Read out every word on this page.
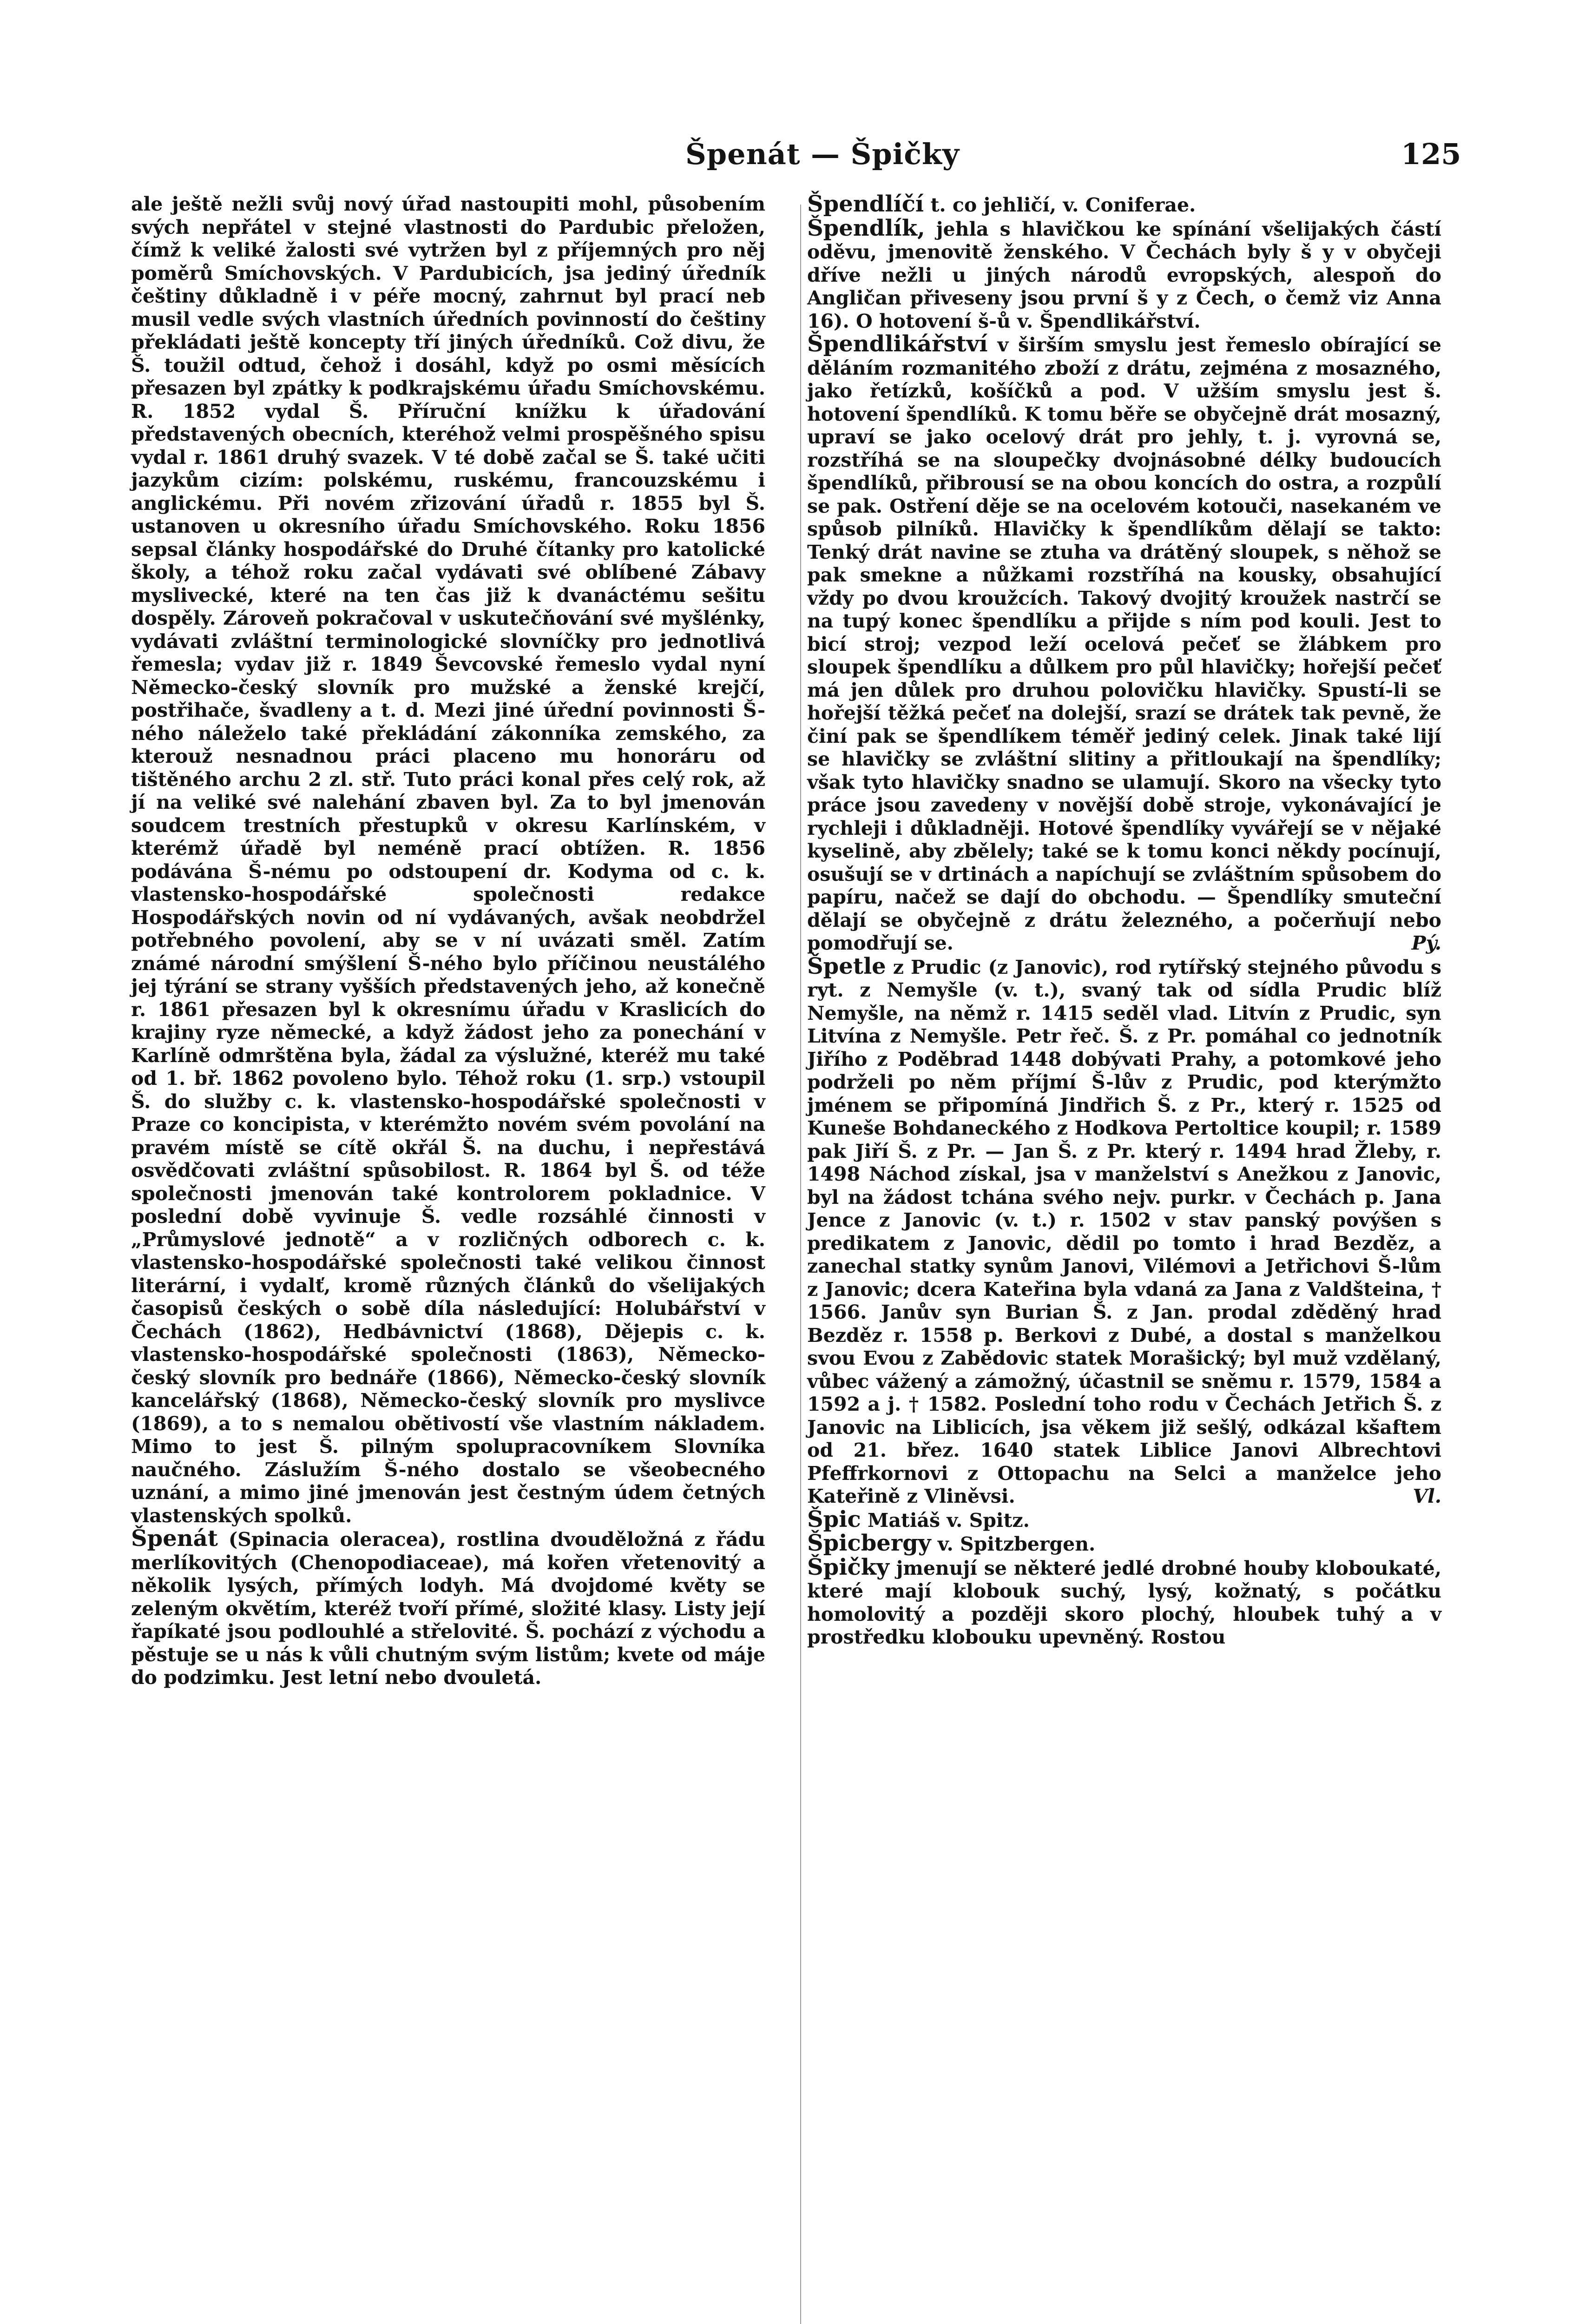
Špenát — Špičky	125

ale ještě nežli svůj nový úřad nastoupiti mohl, působením svých nepřátel v stejné vlastnosti do Pardubic přeložen, čímž k veliké žalosti své vytržen byl z příjemných pro něj poměrů Smíchovských. V Pardubicích, jsa jediný úředník češtiny důkladně i v péře mocný, zahrnut byl prací neb musil vedle svých vlastních úředních povinností do češtiny překládati ještě koncepty tří jiných úředníků. Což divu, že Š. toužil odtud, čehož i dosáhl, když po osmi měsících přesazen byl zpátky k podkrajskému úřadu Smíchovskému. R. 1852 vydal Š. Příruční knížku k úřadování představených obecních, kteréhož velmi prospěšného spisu vydal r. 1861 druhý svazek. V té době začal se Š. také učiti jazykům cizím: polskému, ruskému, francouzskému i anglickému. Při novém zřizování úřadů r. 1855 byl Š. ustanoven u okresního úřadu Smíchovského. Roku 1856 sepsal články hospodářské do Druhé čítanky pro katolické školy, a téhož roku začal vydávati své oblíbené Zábavy myslivecké, které na ten čas již k dvanáctému sešitu dospěly. Zároveň pokračoval v uskutečňování své myšlénky, vydávati zvláštní terminologické slovníčky pro jednotlivá řemesla; vydav již r. 1849 Ševcovské řemeslo vydal nyní Německo-český slovník pro mužské a ženské krejčí, postřihače, švadleny a t. d. Mezi jiné úřední povinnosti Š-ného náleželo také překládání zákonníka zemského, za kterouž nesnadnou práci placeno mu honoráru od tištěného archu 2 zl. stř. Tuto práci konal přes celý rok, až jí na veliké své nalehání zbaven byl. Za to byl jmenován soudcem trestních přestupků v okresu Karlínském, v kterémž úřadě byl neméně prací obtížen. R. 1856 podávána Š-nému po odstoupení dr. Kodyma od c. k. vlastensko-hospodářské společnosti redakce Hospodářských novin od ní vydávaných, avšak neobdržel potřebného povolení, aby se v ní uvázati směl. Zatím známé národní smýšlení Š-ného bylo příčinou neustálého jej týrání se strany vyšších představených jeho, až konečně r. 1861 přesazen byl k okresnímu úřadu v Kraslicích do krajiny ryze německé, a když žádost jeho za ponechání v Karlíně odmrštěna byla, žádal za výslužné, kteréž mu také od 1. bř. 1862 povoleno bylo. Téhož roku (1. srp.) vstoupil Š. do služby c. k. vlastensko-hospodářské společnosti v Praze co koncipista, v kterémžto novém svém povolání na pravém místě se cítě okřál Š. na duchu, i nepřestává osvědčovati zvláštní spůsobilost. R. 1864 byl Š. od téže společnosti jmenován také kontrolorem pokladnice. V poslední době vyvinuje Š. vedle rozsáhlé činnosti v „Průmyslové jednotě“ a v rozličných odborech c. k. vlastensko-hospodářské společnosti také velikou činnost literární, i vydalť, kromě různých článků do všelijakých časopisů českých o sobě díla následující: Holubářství v Čechách (1862), Hedbávnictví (1868), Dějepis c. k. vlastensko-hospodářské společnosti (1863), Německo-český slovník pro bednáře (1866), Německo-český slovník kancelářský (1868), Německo-český slovník pro myslivce (1869), a to s nemalou obětivostí vše vlastním nákladem. Mimo to jest Š. pilným spolupracovníkem Slovníka naučného. Záslužím Š-ného dostalo se všeobecného uznání, a mimo jiné jmenován jest čestným údem četných vlastenských spolků.

Špenát (Spinacia oleracea), rostlina dvouděložná z řádu merlíkovitých (Chenopodiaceae), má kořen vřetenovitý a několik lysých, přímých lodyh. Má dvojdomé květy se zeleným okvětím, kteréž tvoří přímé, složité klasy. Listy její řapíkaté jsou podlouhlé a střelovité. Š. pochází z východu a pěstuje se u nás k vůli chutným svým listům; kvete od máje do podzimku. Jest letní nebo dvouletá.

Špendlíčí t. co jehličí, v. Coniferae.

Špendlík, jehla s hlavičkou ke spínání všelijakých částí oděvu, jmenovitě ženského. V Čechách byly š y v obyčeji dříve nežli u jiných národů evropských, alespoň do Angličan přiveseny jsou první š y z Čech, o čemž viz Anna 16). O hotovení š-ů v. Špendlikářství.

Špendlikářství v širším smyslu jest řemeslo obírající se děláním rozmanitého zboží z drátu, zejména z mosazného, jako řetízků, košíčků a pod. V užším smyslu jest š. hotovení špendlíků. K tomu běře se obyčejně drát mosazný, upraví se jako ocelový drát pro jehly, t. j. vyrovná se, rozstříhá se na sloupečky dvojnásobné délky budoucích špendlíků, přibrousí se na obou koncích do ostra, a rozpůlí se pak. Ostření děje se na ocelovém kotouči, nasekaném ve spůsob pilníků. Hlavičky k špendlíkům dělají se takto: Tenký drát navine se ztuha va drátěný sloupek, s něhož se pak smekne a nůžkami rozstříhá na kousky, obsahující vždy po dvou kroužcích. Takový dvojitý kroužek nastrčí se na tupý konec špendlíku a přijde s ním pod kouli. Jest to bicí stroj; vezpod leží ocelová pečeť se žlábkem pro sloupek špendlíku a důlkem pro půl hlavičky; hořejší pečeť má jen důlek pro druhou polovičku hlavičky. Spustí-li se hořejší těžká pečeť na dolejší, srazí se drátek tak pevně, že činí pak se špendlíkem téměř jediný celek. Jinak také lijí se hlavičky se zvláštní slitiny a přitloukají na špendlíky; však tyto hlavičky snadno se ulamují. Skoro na všecky tyto práce jsou zavedeny v novější době stroje, vykonávající je rychleji i důkladněji. Hotové špendlíky vyvářejí se v nějaké kyselině, aby zbělely; také se k tomu konci někdy pocínují, osušují se v drtinách a napíchují se zvláštním spůsobem do papíru, načež se dají do obchodu. — Špendlíky smuteční dělají se obyčejně z drátu železného, a počerňují nebo pomodřují se.	Pý.

Špetle z Prudic (z Janovic), rod rytířský stejného původu s ryt. z Nemyšle (v. t.), svaný tak od sídla Prudic blíž Nemyšle, na němž r. 1415 seděl vlad. Litvín z Prudic, syn Litvína z Nemyšle. Petr řeč. Š. z Pr. pomáhal co jednotník Jiřího z Poděbrad 1448 dobývati Prahy, a potomkové jeho podrželi po něm příjmí Š-lův z Prudic, pod kterýmžto jménem se připomíná Jindřich Š. z Pr., který r. 1525 od Kuneše Bohdaneckého z Hodkova Pertoltice koupil; r. 1589 pak Jiří Š. z Pr. — Jan Š. z Pr. který r. 1494 hrad Žleby, r. 1498 Náchod získal, jsa v manželství s Anežkou z Janovic, byl na žádost tchána svého nejv. purkr. v Čechách p. Jana Jence z Janovic (v. t.) r. 1502 v stav panský povýšen s predikatem z Janovic, dědil po tomto i hrad Bezděz, a zanechal statky synům Janovi, Vilémovi a Jetřichovi Š-lům z Janovic; dcera Kateřina byla vdaná za Jana z Valdšteina, † 1566. Janův syn Burian Š. z Jan. prodal zděděný hrad Bezděz r. 1558 p. Berkovi z Dubé, a dostal s manželkou svou Evou z Zabědovic statek Morašický; byl muž vzdělaný, vůbec vážený a zámožný, účastnil se sněmu r. 1579, 1584 a 1592 a j. † 1582. Poslední toho rodu v Čechách Jetřich Š. z Janovic na Liblicích, jsa věkem již sešlý, odkázal kšaftem od 21. břez. 1640 statek Liblice Janovi Albrechtovi Pfeffrkornovi z Ottopachu na Selci a manželce jeho Kateřině z Vliněvsi.	Vl.

Špic Matiáš v. Spitz.

Špicbergy v. Spitzbergen.

Špičky jmenují se některé jedlé drobné houby kloboukaté, které mají klobouk suchý, lysý, kožnatý, s počátku homolovitý a později skoro plochý, hloubek tuhý a v prostředku klobouku upevněný. Rostou
